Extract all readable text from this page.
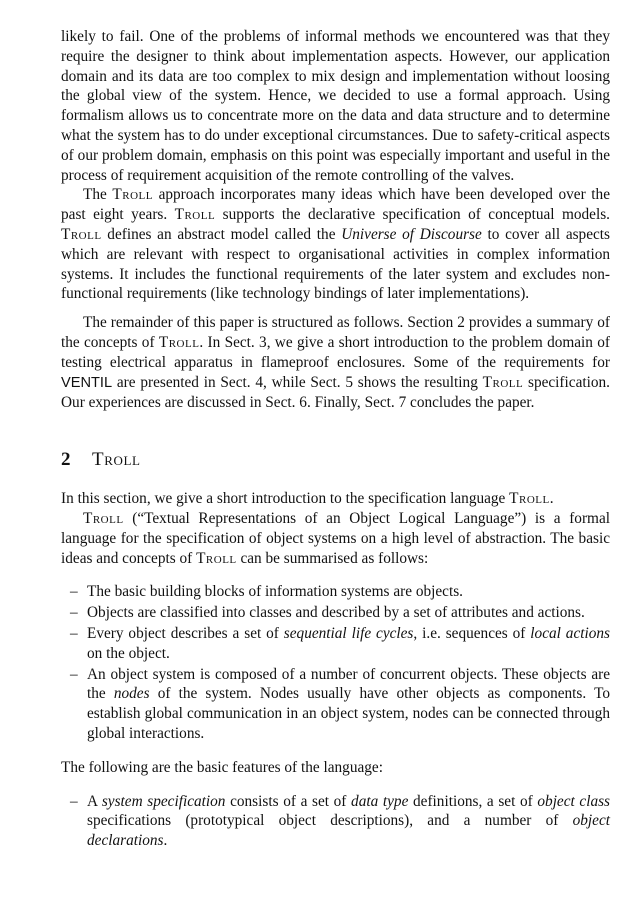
likely to fail. One of the problems of informal methods we encountered was that they require the designer to think about implementation aspects. However, our application domain and its data are too complex to mix design and implementation without loosing the global view of the system. Hence, we decided to use a formal approach. Using formalism allows us to concentrate more on the data and data structure and to determine what the system has to do under exceptional circumstances. Due to safety-critical aspects of our problem domain, emphasis on this point was especially important and useful in the process of requirement acquisition of the remote controlling of the valves.

The Troll approach incorporates many ideas which have been developed over the past eight years. Troll supports the declarative specification of conceptual models. Troll defines an abstract model called the Universe of Discourse to cover all aspects which are relevant with respect to organisational activities in complex information systems. It includes the functional requirements of the later system and excludes non-functional requirements (like technology bindings of later implementations).

The remainder of this paper is structured as follows. Section 2 provides a summary of the concepts of Troll. In Sect. 3, we give a short introduction to the problem domain of testing electrical apparatus in flameproof enclosures. Some of the requirements for VENTIL are presented in Sect. 4, while Sect. 5 shows the resulting Troll specification. Our experiences are discussed in Sect. 6. Finally, Sect. 7 concludes the paper.

2 Troll

In this section, we give a short introduction to the specification language Troll.

Troll (“Textual Representations of an Object Logical Language”) is a formal language for the specification of object systems on a high level of abstraction. The basic ideas and concepts of Troll can be summarised as follows:

– The basic building blocks of information systems are objects.
– Objects are classified into classes and described by a set of attributes and actions.
– Every object describes a set of sequential life cycles, i.e. sequences of local actions on the object.
– An object system is composed of a number of concurrent objects. These objects are the nodes of the system. Nodes usually have other objects as components. To establish global communication in an object system, nodes can be connected through global interactions.

The following are the basic features of the language:

– A system specification consists of a set of data type definitions, a set of object class specifications (prototypical object descriptions), and a number of object declarations.
